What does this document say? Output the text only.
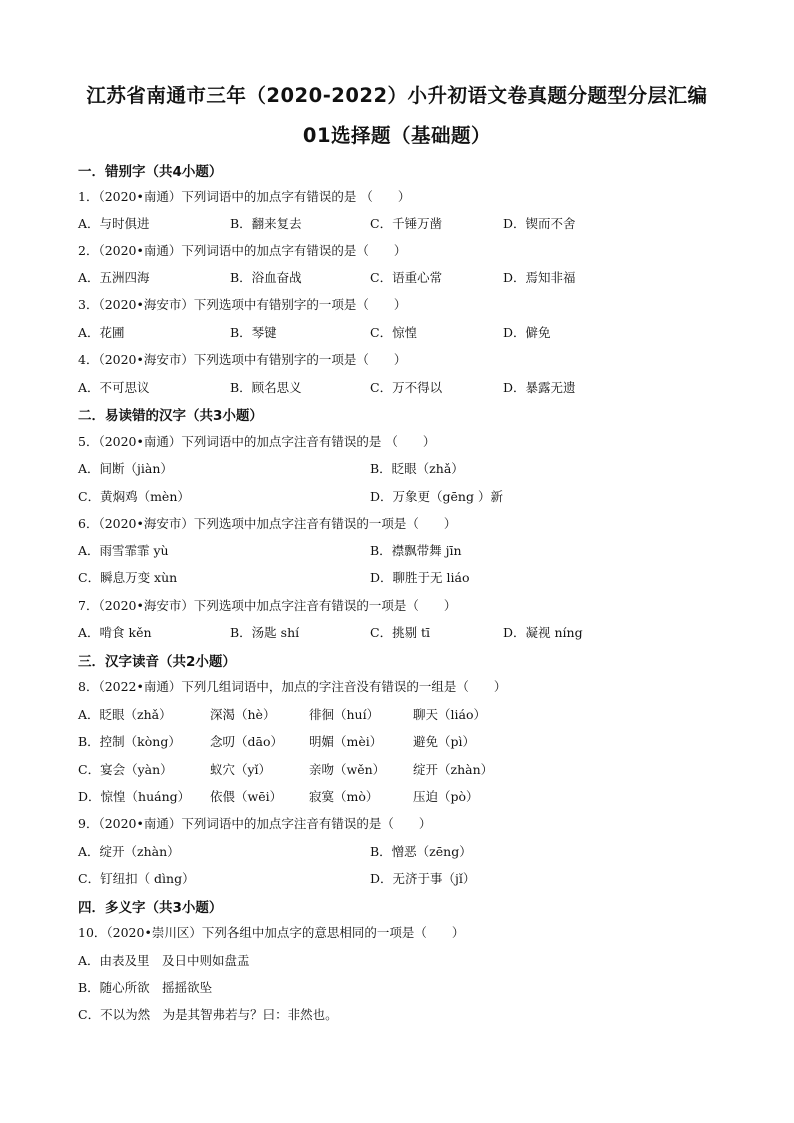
江苏省南通市三年（2020-2022）小升初语文卷真题分题型分层汇编
01选择题（基础题）
一．错别字（共4小题）
1．（2020•南通）下列词语中的加点字有错误的是 （　　）
A．与时俱进	B．翻来复去	C．千锤万凿	D．锲而不舍
2．（2020•南通）下列词语中的加点字有错误的是（　　）
A．五洲四海	B．浴血奋战	C．语重心常	D．焉知非福
3．（2020•海安市）下列选项中有错别字的一项是（　　）
A．花圃	B．琴键	C．惊惶	D．僻免
4．（2020•海安市）下列选项中有错别字的一项是（　　）
A．不可思议	B．顾名思义	C．万不得以	D．暴露无遗
二．易读错的汉字（共3小题）
5．（2020•南通）下列词语中的加点字注音有错误的是 （　　）
A．间断（jiàn）	B．眨眼（zhǎ）
C．黄焖鸡（mèn）	D．万象更（gēng ）新
6．（2020•海安市）下列选项中加点字注音有错误的一项是（　　）
A．雨雪霏霏 yù	B．襟飘带舞 jīn
C．瞬息万变 xùn	D．聊胜于无 liáo
7．（2020•海安市）下列选项中加点字注音有错误的一项是（　　）
A．啃食 kěn	B．汤匙 shí	C．挑剔 tī	D．凝视 níng
三．汉字读音（共2小题）
8．（2022•南通）下列几组词语中，加点的字注音没有错误的一组是（　　）
A．眨眼（zhǎ）	深渴（hè）	徘徊（huí）	聊天（liáo）
B．控制（kòng） 念叨（dāo） 明媚（mèi） 避免（pì）
C．宴会（yàn）	蚁穴（yǐ）	亲吻（wěn） 绽开（zhàn）
D．惊惶（huáng） 依偎（wēi） 寂寞（mò）	压迫（pò）
9．（2020•南通）下列词语中的加点字注音有错误的是（　　）
A．绽开（zhàn）	B．憎恶（zēng）
C．钉纽扣（ dìng）	D．无济于事（jǐ）
四．多义字（共3小题）
10．（2020•崇川区）下列各组中加点字的意思相同的一项是（　　）
A．由表及里　及日中则如盘盂
B．随心所欲　摇摇欲坠
C．不以为然　为是其智弗若与？曰：非然也。
